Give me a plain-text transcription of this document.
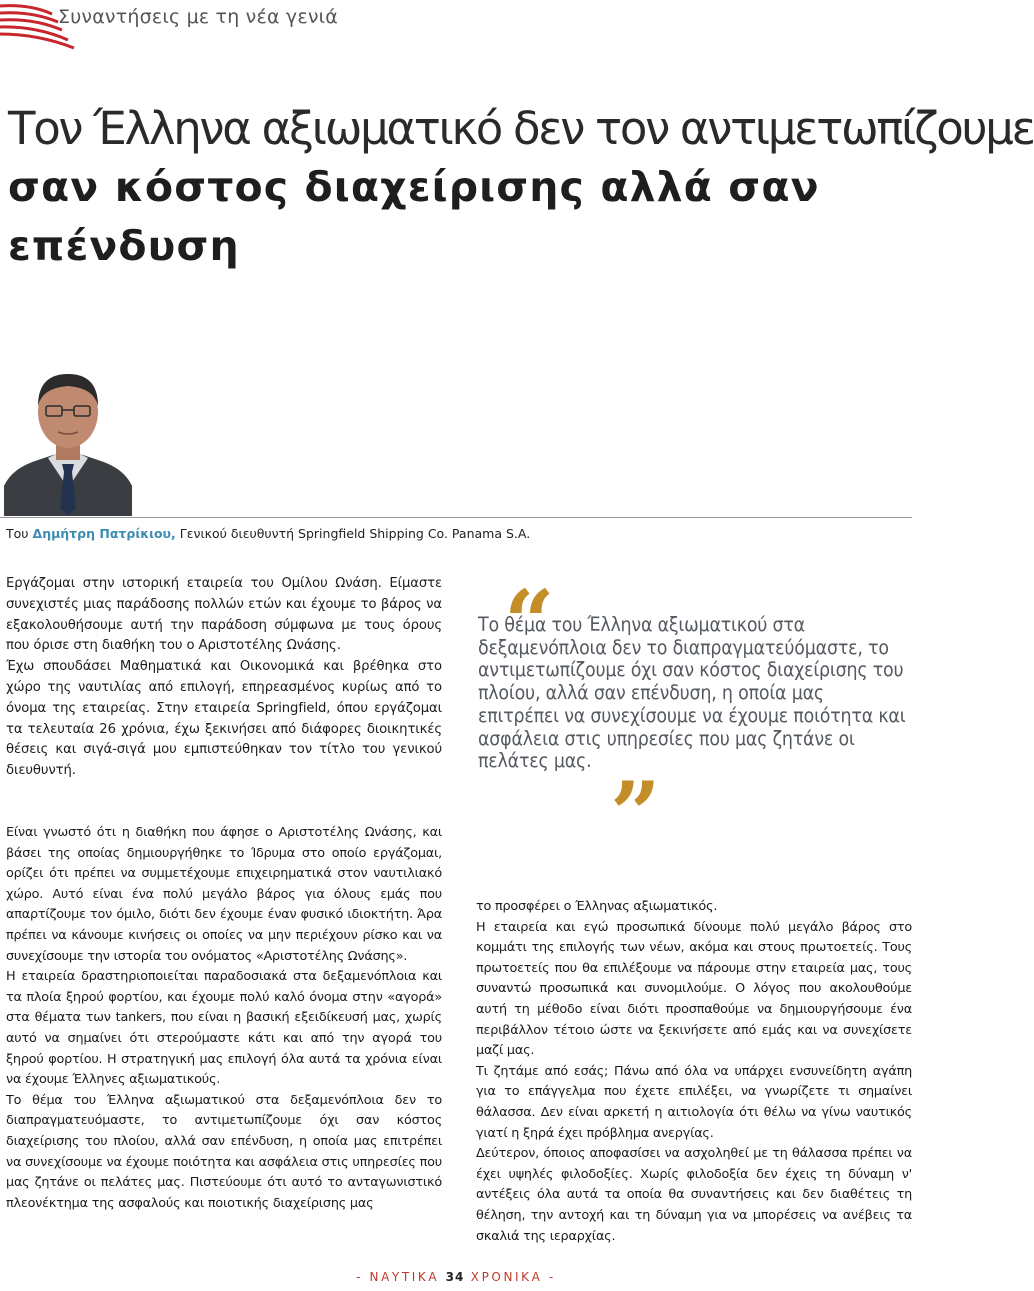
Συναντήσεις με τη νέα γενιά
Τον Έλληνα αξιωματικό δεν τον αντιμετωπίζουμε
σαν κόστος διαχείρισης αλλά σαν επένδυση
Του Δημήτρη Πατρίκιου, Γενικού διευθυντή Springfield Shipping Co. Panama S.A.

Εργάζομαι στην ιστορική εταιρεία του Ομίλου Ωνάση. Είμαστε συνεχιστές μιας παράδοσης πολλών ετών και έχουμε το βάρος να εξακολουθήσουμε αυτή την παράδοση σύμφωνα με τους όρους που όρισε στη διαθήκη του ο Αριστοτέλης Ωνάσης.

Έχω σπουδάσει Μαθηματικά και Οικονομικά και βρέθηκα στο χώρο της ναυτιλίας από επιλογή, επηρεασμένος κυρίως από το όνομα της εταιρείας. Στην εταιρεία Springfield, όπου εργάζομαι τα τελευταία 26 χρόνια, έχω ξεκινήσει από διάφορες διοικητικές θέσεις και σιγά-σιγά μου εμπιστεύθηκαν τον τίτλο του γενικού διευθυντή.

“
Το θέμα του Έλληνα αξιωματικού στα δεξαμενόπλοια δεν το διαπραγματεύόμαστε, το αντιμετωπίζουμε όχι σαν κόστος διαχείρισης του πλοίου, αλλά σαν επένδυση, η οποία μας επιτρέπει να συνεχίσουμε να έχουμε ποιότητα και ασφάλεια στις υπηρεσίες που μας ζητάνε οι πελάτες μας.
”

Είναι γνωστό ότι η διαθήκη που άφησε ο Αριστοτέλης Ωνάσης, και βάσει της οποίας δημιουργήθηκε το Ίδρυμα στο οποίο εργάζομαι, ορίζει ότι πρέπει να συμμετέχουμε επιχειρηματικά στον ναυτιλιακό χώρο. Αυτό είναι ένα πολύ μεγάλο βάρος για όλους εμάς που απαρτίζουμε τον όμιλο, διότι δεν έχουμε έναν φυσικό ιδιοκτήτη. Άρα πρέπει να κάνουμε κινήσεις οι οποίες να μην περιέχουν ρίσκο και να συνεχίσουμε την ιστορία του ονόματος «Αριστοτέλης Ωνάσης».

Η εταιρεία δραστηριοποιείται παραδοσιακά στα δεξαμενόπλοια και τα πλοία ξηρού φορτίου, και έχουμε πολύ καλό όνομα στην «αγορά» στα θέματα των tankers, που είναι η βασική εξειδίκευσή μας, χωρίς αυτό να σημαίνει ότι στερούμαστε κάτι και από την αγορά του ξηρού φορτίου. Η στρατηγική μας επιλογή όλα αυτά τα χρόνια είναι να έχουμε Έλληνες αξιωματικούς.

Το θέμα του Έλληνα αξιωματικού στα δεξαμενόπλοια δεν το διαπραγματευόμαστε, το αντιμετωπίζουμε όχι σαν κόστος διαχείρισης του πλοίου, αλλά σαν επένδυση, η οποία μας επιτρέπει να συνεχίσουμε να έχουμε ποιότητα και ασφάλεια στις υπηρεσίες που μας ζητάνε οι πελάτες μας. Πιστεύουμε ότι αυτό το ανταγωνιστικό πλεονέκτημα της ασφαλούς και ποιοτικής διαχείρισης μας

το προσφέρει ο Έλληνας αξιωματικός.

Η εταιρεία και εγώ προσωπικά δίνουμε πολύ μεγάλο βάρος στο κομμάτι της επιλογής των νέων, ακόμα και στους πρωτοετείς. Τους πρωτοετείς που θα επιλέξουμε να πάρουμε στην εταιρεία μας, τους συναντώ προσωπικά και συνομιλούμε. Ο λόγος που ακολουθούμε αυτή τη μέθοδο είναι διότι προσπαθούμε να δημιουργήσουμε ένα περιβάλλον τέτοιο ώστε να ξεκινήσετε από εμάς και να συνεχίσετε μαζί μας.

Τι ζητάμε από εσάς; Πάνω από όλα να υπάρχει ενσυνείδητη αγάπη για το επάγγελμα που έχετε επιλέξει, να γνωρίζετε τι σημαίνει θάλασσα. Δεν είναι αρκετή η αιτιολογία ότι θέλω να γίνω ναυτικός γιατί η ξηρά έχει πρόβλημα ανεργίας.

Δεύτερον, όποιος αποφασίσει να ασχοληθεί με τη θάλασσα πρέπει να έχει υψηλές φιλοδοξίες. Χωρίς φιλοδοξία δεν έχεις τη δύναμη ν' αντέξεις όλα αυτά τα οποία θα συναντήσεις και δεν διαθέτεις τη θέληση, την αντοχή και τη δύναμη για να μπορέσεις να ανέβεις τα σκαλιά της ιεραρχίας.

- ΝΑΥΤΙΚΑ 34 ΧΡΟΝΙΚΑ -
